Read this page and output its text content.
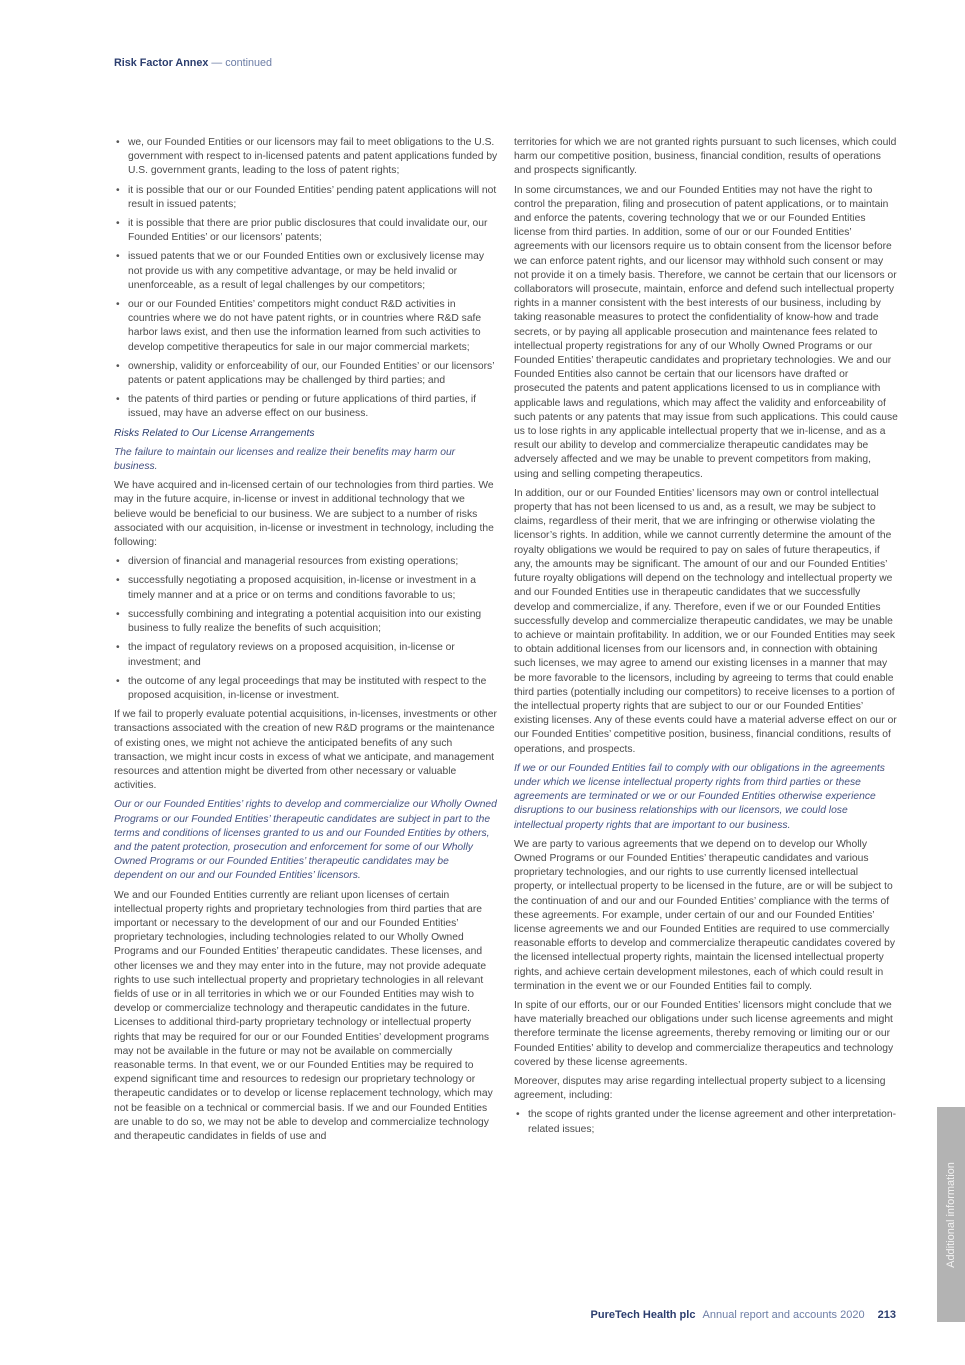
Risk Factor Annex — continued
• we, our Founded Entities or our licensors may fail to meet obligations to the U.S. government with respect to in-licensed patents and patent applications funded by U.S. government grants, leading to the loss of patent rights;
• it is possible that our or our Founded Entities’ pending patent applications will not result in issued patents;
• it is possible that there are prior public disclosures that could invalidate our, our Founded Entities’ or our licensors’ patents;
• issued patents that we or our Founded Entities own or exclusively license may not provide us with any competitive advantage, or may be held invalid or unenforceable, as a result of legal challenges by our competitors;
• our or our Founded Entities’ competitors might conduct R&D activities in countries where we do not have patent rights, or in countries where R&D safe harbor laws exist, and then use the information learned from such activities to develop competitive therapeutics for sale in our major commercial markets;
• ownership, validity or enforceability of our, our Founded Entities’ or our licensors’ patents or patent applications may be challenged by third parties; and
• the patents of third parties or pending or future applications of third parties, if issued, may have an adverse effect on our business.

Risks Related to Our License Arrangements

The failure to maintain our licenses and realize their benefits may harm our business.

We have acquired and in-licensed certain of our technologies from third parties. We may in the future acquire, in-license or invest in additional technology that we believe would be beneficial to our business. We are subject to a number of risks associated with our acquisition, in-license or investment in technology, including the following:

• diversion of financial and managerial resources from existing operations;
• successfully negotiating a proposed acquisition, in-license or investment in a timely manner and at a price or on terms and conditions favorable to us;
• successfully combining and integrating a potential acquisition into our existing business to fully realize the benefits of such acquisition;
• the impact of regulatory reviews on a proposed acquisition, in-license or investment; and
• the outcome of any legal proceedings that may be instituted with respect to the proposed acquisition, in-license or investment.

If we fail to properly evaluate potential acquisitions, in-licenses, investments or other transactions associated with the creation of new R&D programs or the maintenance of existing ones, we might not achieve the anticipated benefits of any such transaction, we might incur costs in excess of what we anticipate, and management resources and attention might be diverted from other necessary or valuable activities.

Our or our Founded Entities’ rights to develop and commercialize our Wholly Owned Programs or our Founded Entities’ therapeutic candidates are subject in part to the terms and conditions of licenses granted to us and our Founded Entities by others, and the patent protection, prosecution and enforcement for some of our Wholly Owned Programs or our Founded Entities’ therapeutic candidates may be dependent on our and our Founded Entities’ licensors.

We and our Founded Entities currently are reliant upon licenses of certain intellectual property rights and proprietary technologies from third parties that are important or necessary to the development of our and our Founded Entities’ proprietary technologies, including technologies related to our Wholly Owned Programs and our Founded Entities’ therapeutic candidates. These licenses, and other licenses we and they may enter into in the future, may not provide adequate rights to use such intellectual property and proprietary technologies in all relevant fields of use or in all territories in which we or our Founded Entities may wish to develop or commercialize technology and therapeutic candidates in the future. Licenses to additional third-party proprietary technology or intellectual property rights that may be required for our or our Founded Entities’ development programs may not be available in the future or may not be available on commercially reasonable terms. In that event, we or our Founded Entities may be required to expend significant time and resources to redesign our proprietary technology or therapeutic candidates or to develop or license replacement technology, which may not be feasible on a technical or commercial basis. If we and our Founded Entities are unable to do so, we may not be able to develop and commercialize technology and therapeutic candidates in fields of use and

territories for which we are not granted rights pursuant to such licenses, which could harm our competitive position, business, financial condition, results of operations and prospects significantly.

In some circumstances, we and our Founded Entities may not have the right to control the preparation, filing and prosecution of patent applications, or to maintain and enforce the patents, covering technology that we or our Founded Entities license from third parties. In addition, some of our or our Founded Entities’ agreements with our licensors require us to obtain consent from the licensor before we can enforce patent rights, and our licensor may withhold such consent or may not provide it on a timely basis. Therefore, we cannot be certain that our licensors or collaborators will prosecute, maintain, enforce and defend such intellectual property rights in a manner consistent with the best interests of our business, including by taking reasonable measures to protect the confidentiality of know-how and trade secrets, or by paying all applicable prosecution and maintenance fees related to intellectual property registrations for any of our Wholly Owned Programs or our Founded Entities’ therapeutic candidates and proprietary technologies. We and our Founded Entities also cannot be certain that our licensors have drafted or prosecuted the patents and patent applications licensed to us in compliance with applicable laws and regulations, which may affect the validity and enforceability of such patents or any patents that may issue from such applications. This could cause us to lose rights in any applicable intellectual property that we in-license, and as a result our ability to develop and commercialize therapeutic candidates may be adversely affected and we may be unable to prevent competitors from making, using and selling competing therapeutics.

In addition, our or our Founded Entities’ licensors may own or control intellectual property that has not been licensed to us and, as a result, we may be subject to claims, regardless of their merit, that we are infringing or otherwise violating the licensor’s rights. In addition, while we cannot currently determine the amount of the royalty obligations we would be required to pay on sales of future therapeutics, if any, the amounts may be significant. The amount of our and our Founded Entities’ future royalty obligations will depend on the technology and intellectual property we and our Founded Entities use in therapeutic candidates that we successfully develop and commercialize, if any. Therefore, even if we or our Founded Entities successfully develop and commercialize therapeutic candidates, we may be unable to achieve or maintain profitability. In addition, we or our Founded Entities may seek to obtain additional licenses from our licensors and, in connection with obtaining such licenses, we may agree to amend our existing licenses in a manner that may be more favorable to the licensors, including by agreeing to terms that could enable third parties (potentially including our competitors) to receive licenses to a portion of the intellectual property rights that are subject to our or our Founded Entities’ existing licenses. Any of these events could have a material adverse effect on our or our Founded Entities’ competitive position, business, financial conditions, results of operations, and prospects.

If we or our Founded Entities fail to comply with our obligations in the agreements under which we license intellectual property rights from third parties or these agreements are terminated or we or our Founded Entities otherwise experience disruptions to our business relationships with our licensors, we could lose intellectual property rights that are important to our business.

We are party to various agreements that we depend on to develop our Wholly Owned Programs or our Founded Entities’ therapeutic candidates and various proprietary technologies, and our rights to use currently licensed intellectual property, or intellectual property to be licensed in the future, are or will be subject to the continuation of and our and our Founded Entities’ compliance with the terms of these agreements. For example, under certain of our and our Founded Entities’ license agreements we and our Founded Entities are required to use commercially reasonable efforts to develop and commercialize therapeutic candidates covered by the licensed intellectual property rights, maintain the licensed intellectual property rights, and achieve certain development milestones, each of which could result in termination in the event we or our Founded Entities fail to comply.

In spite of our efforts, our or our Founded Entities’ licensors might conclude that we have materially breached our obligations under such license agreements and might therefore terminate the license agreements, thereby removing or limiting our or our Founded Entities’ ability to develop and commercialize therapeutics and technology covered by these license agreements.

Moreover, disputes may arise regarding intellectual property subject to a licensing agreement, including:

• the scope of rights granted under the license agreement and other interpretation-related issues;
PureTech Health plc Annual report and accounts 2020 213
Additional information
